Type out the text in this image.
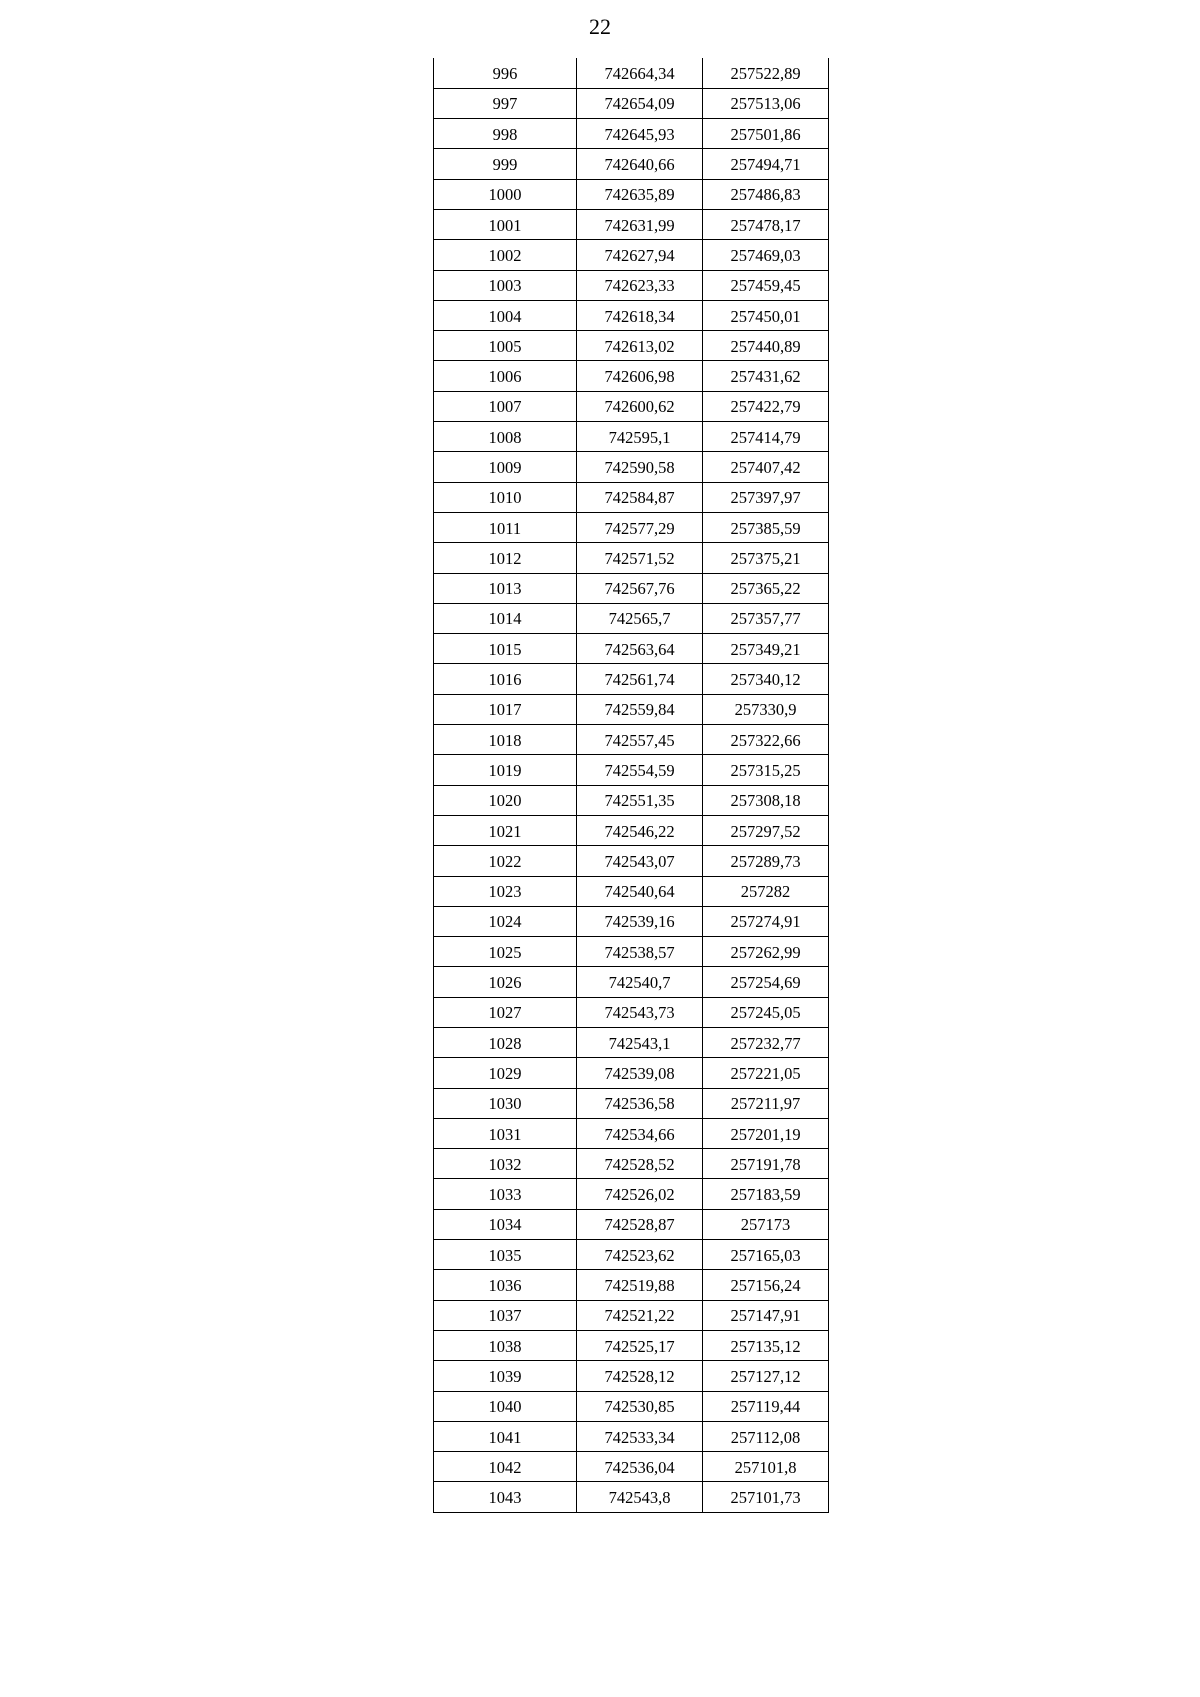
22
996	742664,34	257522,89
997	742654,09	257513,06
998	742645,93	257501,86
999	742640,66	257494,71
1000	742635,89	257486,83
1001	742631,99	257478,17
1002	742627,94	257469,03
1003	742623,33	257459,45
1004	742618,34	257450,01
1005	742613,02	257440,89
1006	742606,98	257431,62
1007	742600,62	257422,79
1008	742595,1	257414,79
1009	742590,58	257407,42
1010	742584,87	257397,97
1011	742577,29	257385,59
1012	742571,52	257375,21
1013	742567,76	257365,22
1014	742565,7	257357,77
1015	742563,64	257349,21
1016	742561,74	257340,12
1017	742559,84	257330,9
1018	742557,45	257322,66
1019	742554,59	257315,25
1020	742551,35	257308,18
1021	742546,22	257297,52
1022	742543,07	257289,73
1023	742540,64	257282
1024	742539,16	257274,91
1025	742538,57	257262,99
1026	742540,7	257254,69
1027	742543,73	257245,05
1028	742543,1	257232,77
1029	742539,08	257221,05
1030	742536,58	257211,97
1031	742534,66	257201,19
1032	742528,52	257191,78
1033	742526,02	257183,59
1034	742528,87	257173
1035	742523,62	257165,03
1036	742519,88	257156,24
1037	742521,22	257147,91
1038	742525,17	257135,12
1039	742528,12	257127,12
1040	742530,85	257119,44
1041	742533,34	257112,08
1042	742536,04	257101,8
1043	742543,8	257101,73
